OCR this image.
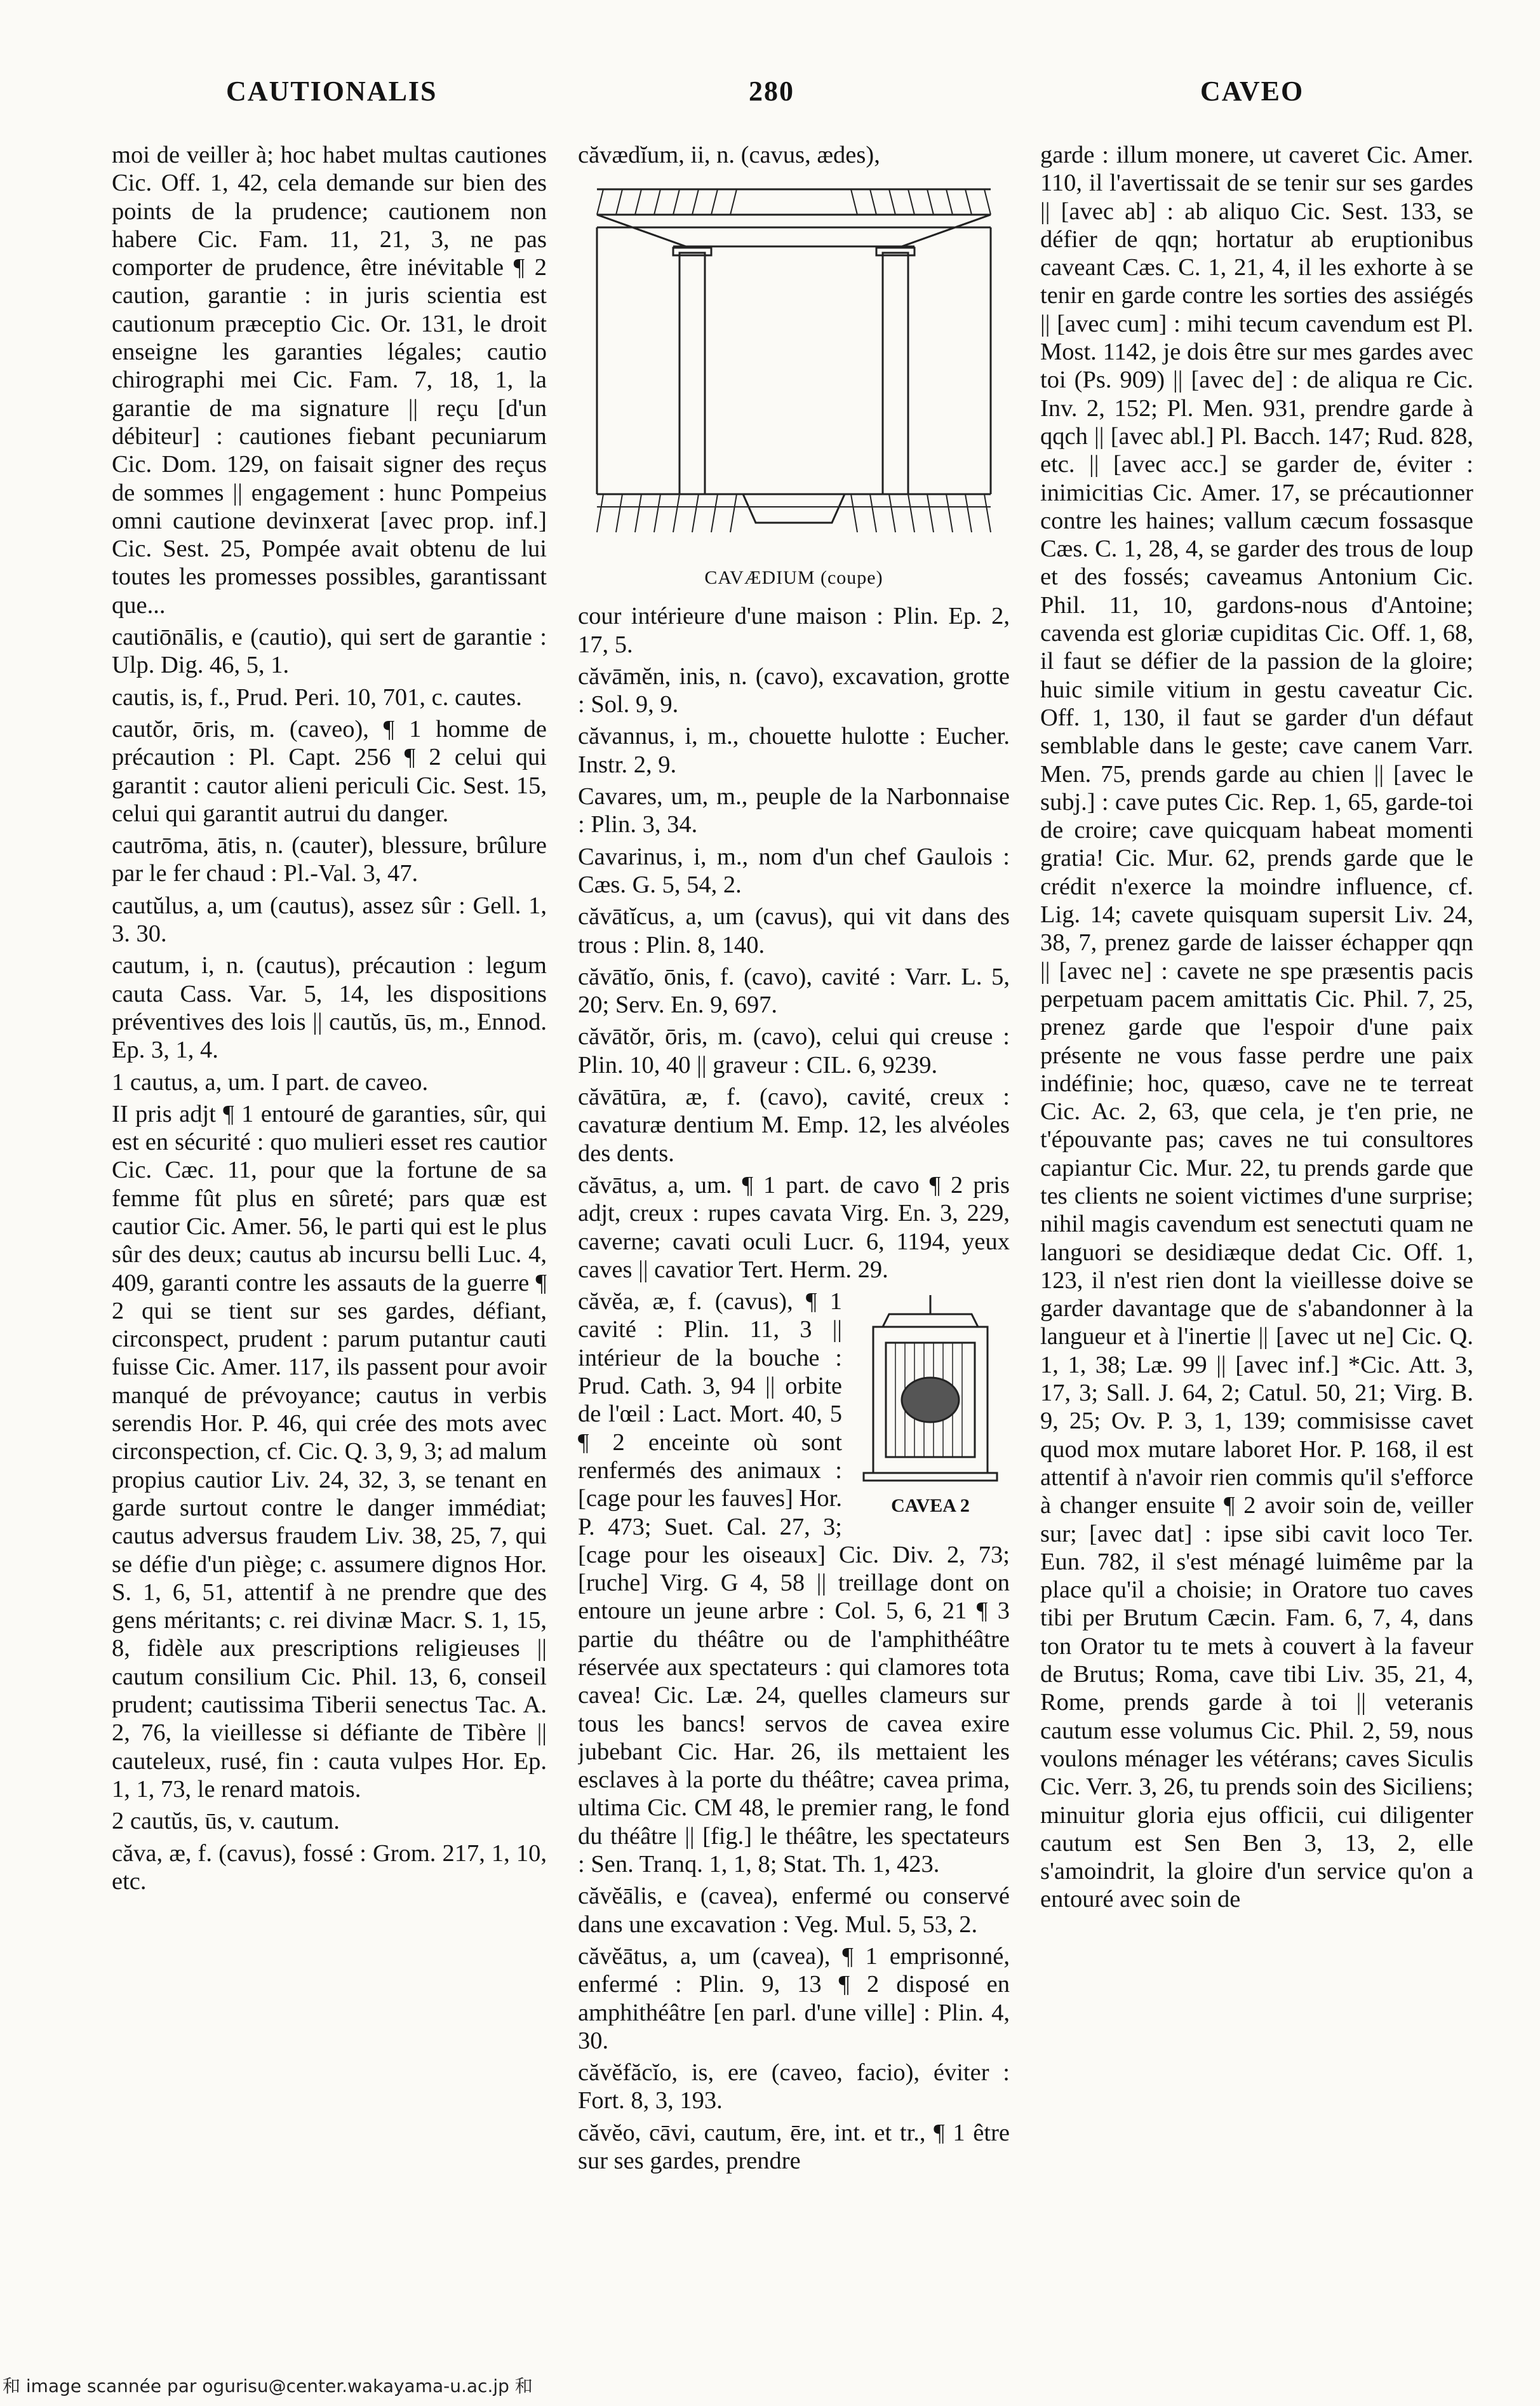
CAUTIONALIS	280	CAVEO

moi de veiller à; hoc habet multas cautiones Cic. Off. 1, 42, cela demande sur bien des points de la prudence; cautionem non habere Cic. Fam. 11, 21, 3, ne pas comporter de prudence, être inévitable ¶ 2 caution, garantie : in juris scientia est cautionum præceptio Cic. Or. 131, le droit enseigne les garanties légales; cautio chirographi mei Cic. Fam. 7, 18, 1, la garantie de ma signature || reçu [d'un débiteur] : cautiones fiebant pecuniarum Cic. Dom. 129, on faisait signer des reçus de sommes || engagement : hunc Pompeius omni cautione devinxerat [avec prop. inf.] Cic. Sest. 25, Pompée avait obtenu de lui toutes les promesses possibles, garantissant que...

cautiōnālis, e (cautio), qui sert de garantie : Ulp. Dig. 46, 5, 1.

cautis, is, f., Prud. Peri. 10, 701, c. cautes.

cautŏr, ōris, m. (caveo), ¶ 1 homme de précaution : Pl. Capt. 256 ¶ 2 celui qui garantit : cautor alieni periculi Cic. Sest. 15, celui qui garantit autrui du danger.

cautrōma, ātis, n. (cauter), blessure, brûlure par le fer chaud : Pl.-Val. 3, 47.

cautŭlus, a, um (cautus), assez sûr : Gell. 1, 3. 30.

cautum, i, n. (cautus), précaution : legum cauta Cass. Var. 5, 14, les dispositions préventives des lois || cautŭs, ūs, m., Ennod. Ep. 3, 1, 4.

1 cautus, a, um. I part. de caveo.

II pris adjt ¶ 1 entouré de garanties, sûr, qui est en sécurité : quo mulieri esset res cautior Cic. Cæc. 11, pour que la fortune de sa femme fût plus en sûreté; pars quæ est cautior Cic. Amer. 56, le parti qui est le plus sûr des deux; cautus ab incursu belli Luc. 4, 409, garanti contre les assauts de la guerre ¶ 2 qui se tient sur ses gardes, défiant, circonspect, prudent : parum putantur cauti fuisse Cic. Amer. 117, ils passent pour avoir manqué de prévoyance; cautus in verbis serendis Hor. P. 46, qui crée des mots avec circonspection, cf. Cic. Q. 3, 9, 3; ad malum propius cautior Liv. 24, 32, 3, se tenant en garde surtout contre le danger immédiat; cautus adversus fraudem Liv. 38, 25, 7, qui se défie d'un piège; c. assumere dignos Hor. S. 1, 6, 51, attentif à ne prendre que des gens méritants; c. rei divinæ Macr. S. 1, 15, 8, fidèle aux prescriptions religieuses || cautum consilium Cic. Phil. 13, 6, conseil prudent; cautissima Tiberii senectus Tac. A. 2, 76, la vieillesse si défiante de Tibère || cauteleux, rusé, fin : cauta vulpes Hor. Ep. 1, 1, 73, le renard matois.

2 cautŭs, ūs, v. cautum.

căva, æ, f. (cavus), fossé : Grom. 217, 1, 10, etc.

căvædĭum, ii, n. (cavus, ædes),

CAVÆDIUM (coupe)

cour intérieure d'une maison : Plin. Ep. 2, 17, 5.

căvāmĕn, inis, n. (cavo), excavation, grotte : Sol. 9, 9.

căvannus, i, m., chouette hulotte : Eucher. Instr. 2, 9.

Cavares, um, m., peuple de la Narbonnaise : Plin. 3, 34.

Cavarinus, i, m., nom d'un chef Gaulois : Cæs. G. 5, 54, 2.

căvātĭcus, a, um (cavus), qui vit dans des trous : Plin. 8, 140.

căvātĭo, ōnis, f. (cavo), cavité : Varr. L. 5, 20; Serv. En. 9, 697.

căvātŏr, ōris, m. (cavo), celui qui creuse : Plin. 10, 40 || graveur : CIL. 6, 9239.

căvātūra, æ, f. (cavo), cavité, creux : cavaturæ dentium M. Emp. 12, les alvéoles des dents.

căvātus, a, um. ¶ 1 part. de cavo ¶ 2 pris adjt, creux : rupes cavata Virg. En. 3, 229, caverne; cavati oculi Lucr. 6, 1194, yeux caves || cavatior Tert. Herm. 29.

CAVEA 2

căvĕa, æ, f. (cavus), ¶ 1 cavité : Plin. 11, 3 || intérieur de la bouche : Prud. Cath. 3, 94 || orbite de l'œil : Lact. Mort. 40, 5 ¶ 2 enceinte où sont renfermés des animaux : [cage pour les fauves] Hor. P. 473; Suet. Cal. 27, 3; [cage pour les oiseaux] Cic. Div. 2, 73; [ruche] Virg. G 4, 58 || treillage dont on entoure un jeune arbre : Col. 5, 6, 21 ¶ 3 partie du théâtre ou de l'amphithéâtre réservée aux spectateurs : qui clamores tota cavea! Cic. Læ. 24, quelles clameurs sur tous les bancs! servos de cavea exire jubebant Cic. Har. 26, ils mettaient les esclaves à la porte du théâtre; cavea prima, ultima Cic. CM 48, le premier rang, le fond du théâtre || [fig.] le théâtre, les spectateurs : Sen. Tranq. 1, 1, 8; Stat. Th. 1, 423.

căvĕālis, e (cavea), enfermé ou conservé dans une excavation : Veg. Mul. 5, 53, 2.

căvĕātus, a, um (cavea), ¶ 1 emprisonné, enfermé : Plin. 9, 13 ¶ 2 disposé en amphithéâtre [en parl. d'une ville] : Plin. 4, 30.

căvĕfăcĭo, is, ere (caveo, facio), éviter : Fort. 8, 3, 193.

căvĕo, cāvi, cautum, ēre, int. et tr., ¶ 1 être sur ses gardes, prendre

garde : illum monere, ut caveret Cic. Amer. 110, il l'avertissait de se tenir sur ses gardes || [avec ab] : ab aliquo Cic. Sest. 133, se défier de qqn; hortatur ab eruptionibus caveant Cæs. C. 1, 21, 4, il les exhorte à se tenir en garde contre les sorties des assiégés || [avec cum] : mihi tecum cavendum est Pl. Most. 1142, je dois être sur mes gardes avec toi (Ps. 909) || [avec de] : de aliqua re Cic. Inv. 2, 152; Pl. Men. 931, prendre garde à qqch || [avec abl.] Pl. Bacch. 147; Rud. 828, etc. || [avec acc.] se garder de, éviter : inimicitias Cic. Amer. 17, se précautionner contre les haines; vallum cæcum fossasque Cæs. C. 1, 28, 4, se garder des trous de loup et des fossés; caveamus Antonium Cic. Phil. 11, 10, gardons-nous d'Antoine; cavenda est gloriæ cupiditas Cic. Off. 1, 68, il faut se défier de la passion de la gloire; huic simile vitium in gestu caveatur Cic. Off. 1, 130, il faut se garder d'un défaut semblable dans le geste; cave canem Varr. Men. 75, prends garde au chien || [avec le subj.] : cave putes Cic. Rep. 1, 65, garde-toi de croire; cave quicquam habeat momenti gratia! Cic. Mur. 62, prends garde que le crédit n'exerce la moindre influence, cf. Lig. 14; cavete quisquam supersit Liv. 24, 38, 7, prenez garde de laisser échapper qqn || [avec ne] : cavete ne spe præsentis pacis perpetuam pacem amittatis Cic. Phil. 7, 25, prenez garde que l'espoir d'une paix présente ne vous fasse perdre une paix indéfinie; hoc, quæso, cave ne te terreat Cic. Ac. 2, 63, que cela, je t'en prie, ne t'épouvante pas; caves ne tui consultores capiantur Cic. Mur. 22, tu prends garde que tes clients ne soient victimes d'une surprise; nihil magis cavendum est senectuti quam ne languori se desidiæque dedat Cic. Off. 1, 123, il n'est rien dont la vieillesse doive se garder davantage que de s'abandonner à la langueur et à l'inertie || [avec ut ne] Cic. Q. 1, 1, 38; Læ. 99 || [avec inf.] *Cic. Att. 3, 17, 3; Sall. J. 64, 2; Catul. 50, 21; Virg. B. 9, 25; Ov. P. 3, 1, 139; commisisse cavet quod mox mutare laboret Hor. P. 168, il est attentif à n'avoir rien commis qu'il s'efforce à changer ensuite ¶ 2 avoir soin de, veiller sur; [avec dat] : ipse sibi cavit loco Ter. Eun. 782, il s'est ménagé luimême par la place qu'il a choisie; in Oratore tuo caves tibi per Brutum Cæcin. Fam. 6, 7, 4, dans ton Orator tu te mets à couvert à la faveur de Brutus; Roma, cave tibi Liv. 35, 21, 4, Rome, prends garde à toi || veteranis cautum esse volumus Cic. Phil. 2, 59, nous voulons ménager les vétérans; caves Siculis Cic. Verr. 3, 26, tu prends soin des Siciliens; minuitur gloria ejus officii, cui diligenter cautum est Sen Ben 3, 13, 2, elle s'amoindrit, la gloire d'un service qu'on a entouré avec soin de

和 image scannée par ogurisu@center.wakayama-u.ac.jp 和
